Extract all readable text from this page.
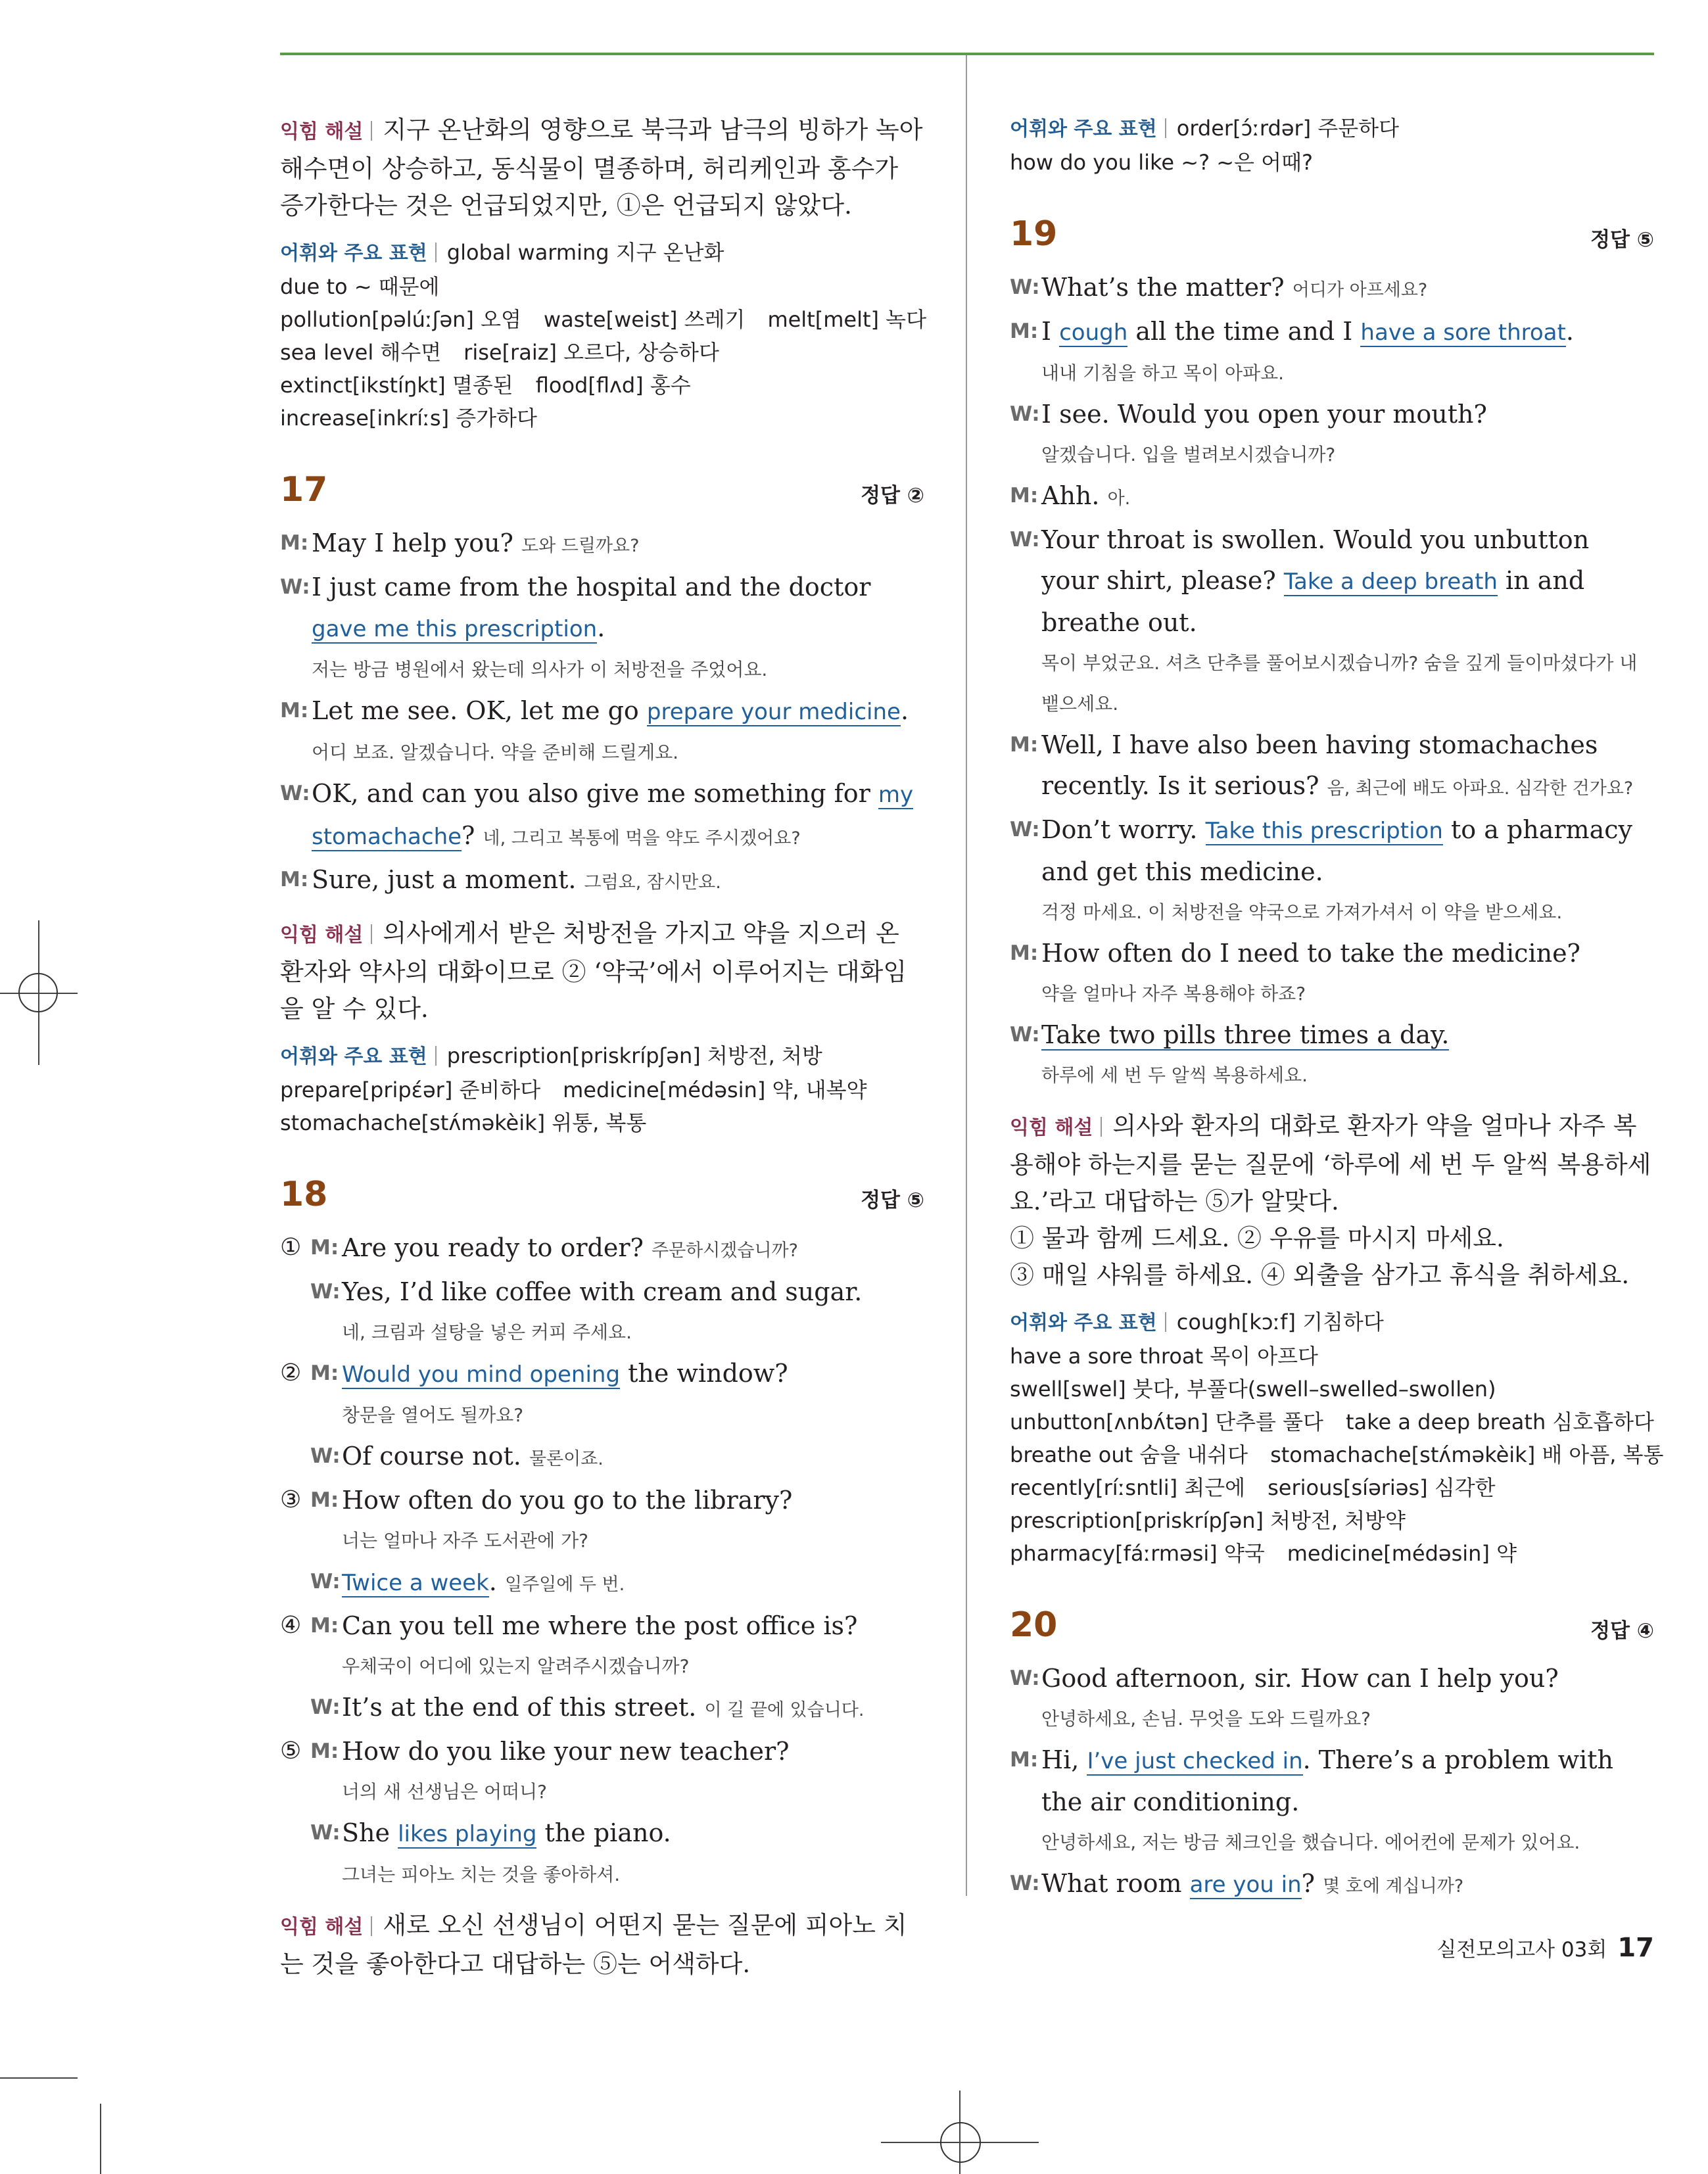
익힘 해설 지구 온난화의 영향으로 북극과 남극의 빙하가 녹아 해수면이 상승하고, 동식물이 멸종하며, 허리케인과 홍수가 증가한다는 것은 언급되었지만, ①은 언급되지 않았다.

어휘와 주요 표현 global warming 지구 온난화due to ~ 때문에
pollution[pəlúːʃən] 오염 waste[weist] 쓰레기 melt[melt] 녹다
sea level 해수면 rise[raiz] 오르다, 상승하다
extinct[ikstíŋkt] 멸종된 flood[flʌd] 홍수
increase[inkríːs] 증가하다
17	정답 ②
M: May I help you? 도와 드릴까요?
W: I just came from the hospital and the doctor gave me this prescription.
저는 방금 병원에서 왔는데 의사가 이 처방전을 주었어요.
M: Let me see. OK, let me go prepare your medicine.
어디 보죠. 알겠습니다. 약을 준비해 드릴게요.
W: OK, and can you also give me something for my stomachache? 네, 그리고 복통에 먹을 약도 주시겠어요?
M: Sure, just a moment. 그럼요, 잠시만요.

익힘 해설 의사에게서 받은 처방전을 가지고 약을 지으러 온 환자와 약사의 대화이므로 ② ‘약국’에서 이루어지는 대화임을 알 수 있다.

어휘와 주요 표현 prescription[priskrípʃən] 처방전, 처방
prepare[pripέər] 준비하다 medicine[médəsin] 약, 내복약
stomachache[stʌ́məkèik] 위통, 복통
18	정답 ⑤
① M: Are you ready to order? 주문하시겠습니까?
W: Yes, I’d like coffee with cream and sugar.
네, 크림과 설탕을 넣은 커피 주세요.
② M: Would you mind opening the window?
창문을 열어도 될까요?
W: Of course not. 물론이죠.
③ M: How often do you go to the library?
너는 얼마나 자주 도서관에 가?
W: Twice a week. 일주일에 두 번.
④ M: Can you tell me where the post office is?
우체국이 어디에 있는지 알려주시겠습니까?
W: It’s at the end of this street. 이 길 끝에 있습니다.
⑤ M: How do you like your new teacher?
너의 새 선생님은 어떠니?
W: She likes playing the piano.
그녀는 피아노 치는 것을 좋아하셔.

익힘 해설 새로 오신 선생님이 어떤지 묻는 질문에 피아노 치는 것을 좋아한다고 대답하는 ⑤는 어색하다.

어휘와 주요 표현 order[ɔ́ːrdər] 주문하다
how do you like ~? ~은 어때?
19	정답 ⑤
W: What’s the matter? 어디가 아프세요?
M: I cough all the time and I have a sore throat.
내내 기침을 하고 목이 아파요.
W: I see. Would you open your mouth?
알겠습니다. 입을 벌려보시겠습니까?
M: Ahh. 아.
W: Your throat is swollen. Would you unbutton your shirt, please? Take a deep breath in and breathe out.
목이 부었군요. 셔츠 단추를 풀어보시겠습니까? 숨을 깊게 들이마셨다가 내뱉으세요.
M: Well, I have also been having stomachaches recently. Is it serious? 음, 최근에 배도 아파요. 심각한 건가요?
W: Don’t worry. Take this prescription to a pharmacy and get this medicine.
걱정 마세요. 이 처방전을 약국으로 가져가셔서 이 약을 받으세요.
M: How often do I need to take the medicine?
약을 얼마나 자주 복용해야 하죠?
W: Take two pills three times a day.
하루에 세 번 두 알씩 복용하세요.

익힘 해설 의사와 환자의 대화로 환자가 약을 얼마나 자주 복용해야 하는지를 묻는 질문에 ‘하루에 세 번 두 알씩 복용하세요.’라고 대답하는 ⑤가 알맞다.

① 물과 함께 드세요. ② 우유를 마시지 마세요.

③ 매일 샤워를 하세요. ④ 외출을 삼가고 휴식을 취하세요.

어휘와 주요 표현 cough[kɔːf] 기침하다
have a sore throat 목이 아프다
swell[swel] 붓다, 부풀다(swell–swelled–swollen)
unbutton[ʌnbʌ́tən] 단추를 풀다 take a deep breath 심호흡하다
breathe out 숨을 내쉬다 stomachache[stʌ́məkèik] 배 아픔, 복통
recently[ríːsntli] 최근에 serious[síəriəs] 심각한
prescription[priskrípʃən] 처방전, 처방약
pharmacy[fáːrməsi] 약국 medicine[médəsin] 약
20	정답 ④
W: Good afternoon, sir. How can I help you?
안녕하세요, 손님. 무엇을 도와 드릴까요?
M: Hi, I’ve just checked in. There’s a problem with the air conditioning.
안녕하세요, 저는 방금 체크인을 했습니다. 에어컨에 문제가 있어요.
W: What room are you in? 몇 호에 계십니까?
실전모의고사 03회 17
